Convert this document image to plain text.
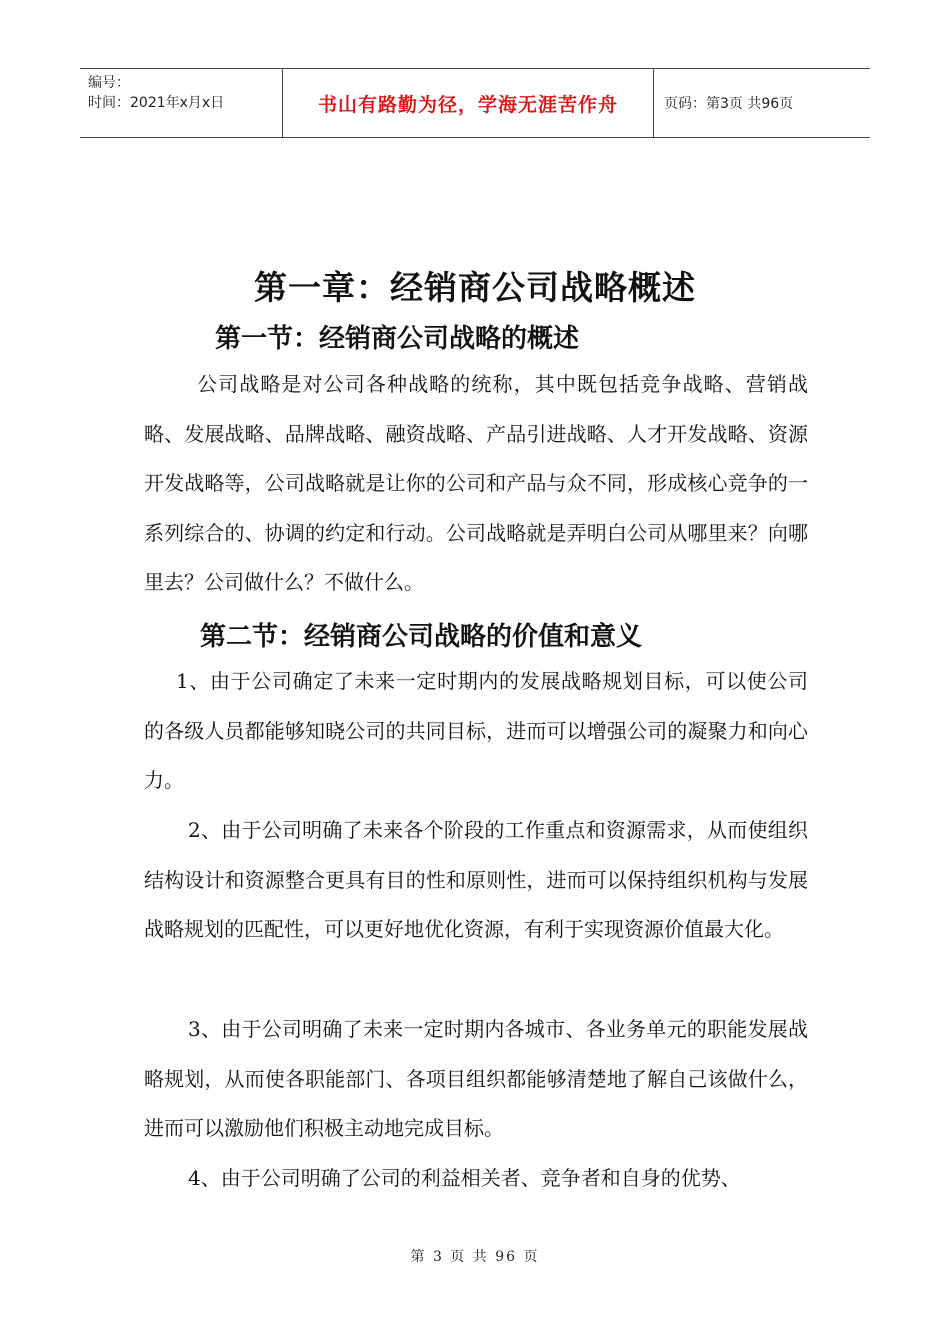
编号：
时间：2021年x月x日	书山有路勤为径，学海无涯苦作舟	页码：第3页 共96页
第一章：经销商公司战略概述
第一节：经销商公司战略的概述
公司战略是对公司各种战略的统称，其中既包括竞争战略、营销战略、发展战略、品牌战略、融资战略、产品引进战略、人才开发战略、资源开发战略等，公司战略就是让你的公司和产品与众不同，形成核心竞争的一系列综合的、协调的约定和行动。公司战略就是弄明白公司从哪里来？向哪里去？公司做什么？不做什么。
第二节：经销商公司战略的价值和意义
1、由于公司确定了未来一定时期内的发展战略规划目标，可以使公司的各级人员都能够知晓公司的共同目标，进而可以增强公司的凝聚力和向心力。
2、由于公司明确了未来各个阶段的工作重点和资源需求，从而使组织结构设计和资源整合更具有目的性和原则性，进而可以保持组织机构与发展战略规划的匹配性，可以更好地优化资源，有利于实现资源价值最大化。
3、由于公司明确了未来一定时期内各城市、各业务单元的职能发展战略规划，从而使各职能部门、各项目组织都能够清楚地了解自己该做什么，进而可以激励他们积极主动地完成目标。
4、由于公司明确了公司的利益相关者、竞争者和自身的优势、
第 3 页 共 96 页
